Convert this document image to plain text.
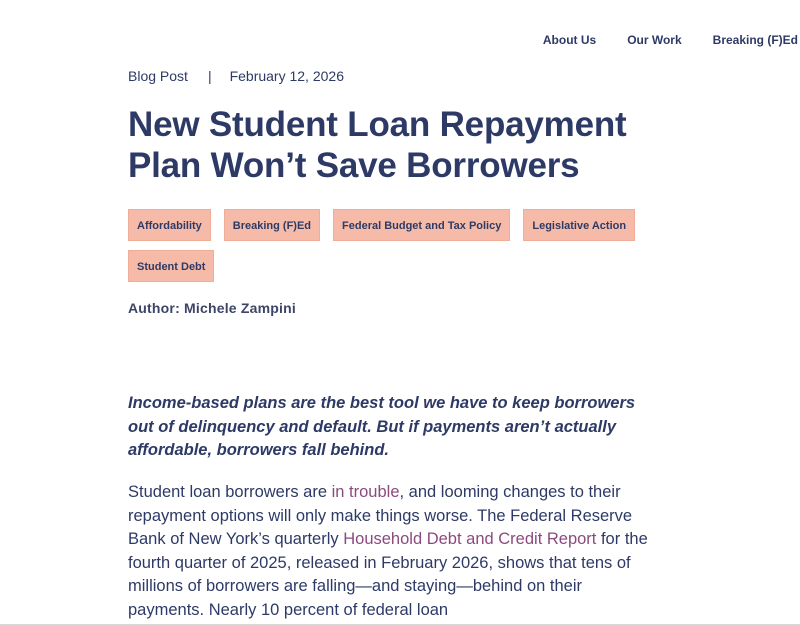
About Us	Our Work	Breaking (F)Ed
Blog Post | February 12, 2026
New Student Loan Repayment Plan Won’t Save Borrowers
Affordability	Breaking (F)Ed	Federal Budget and Tax Policy	Legislative Action
Student Debt
Author: Michele Zampini

Income-based plans are the best tool we have to keep borrowers out of delinquency and default. But if payments aren’t actually affordable, borrowers fall behind.

Student loan borrowers are in trouble, and looming changes to their repayment options will only make things worse. The Federal Reserve Bank of New York’s quarterly Household Debt and Credit Report for the fourth quarter of 2025, released in February 2026, shows that tens of millions of borrowers are falling—and staying—behind on their payments. Nearly 10 percent of federal loan
